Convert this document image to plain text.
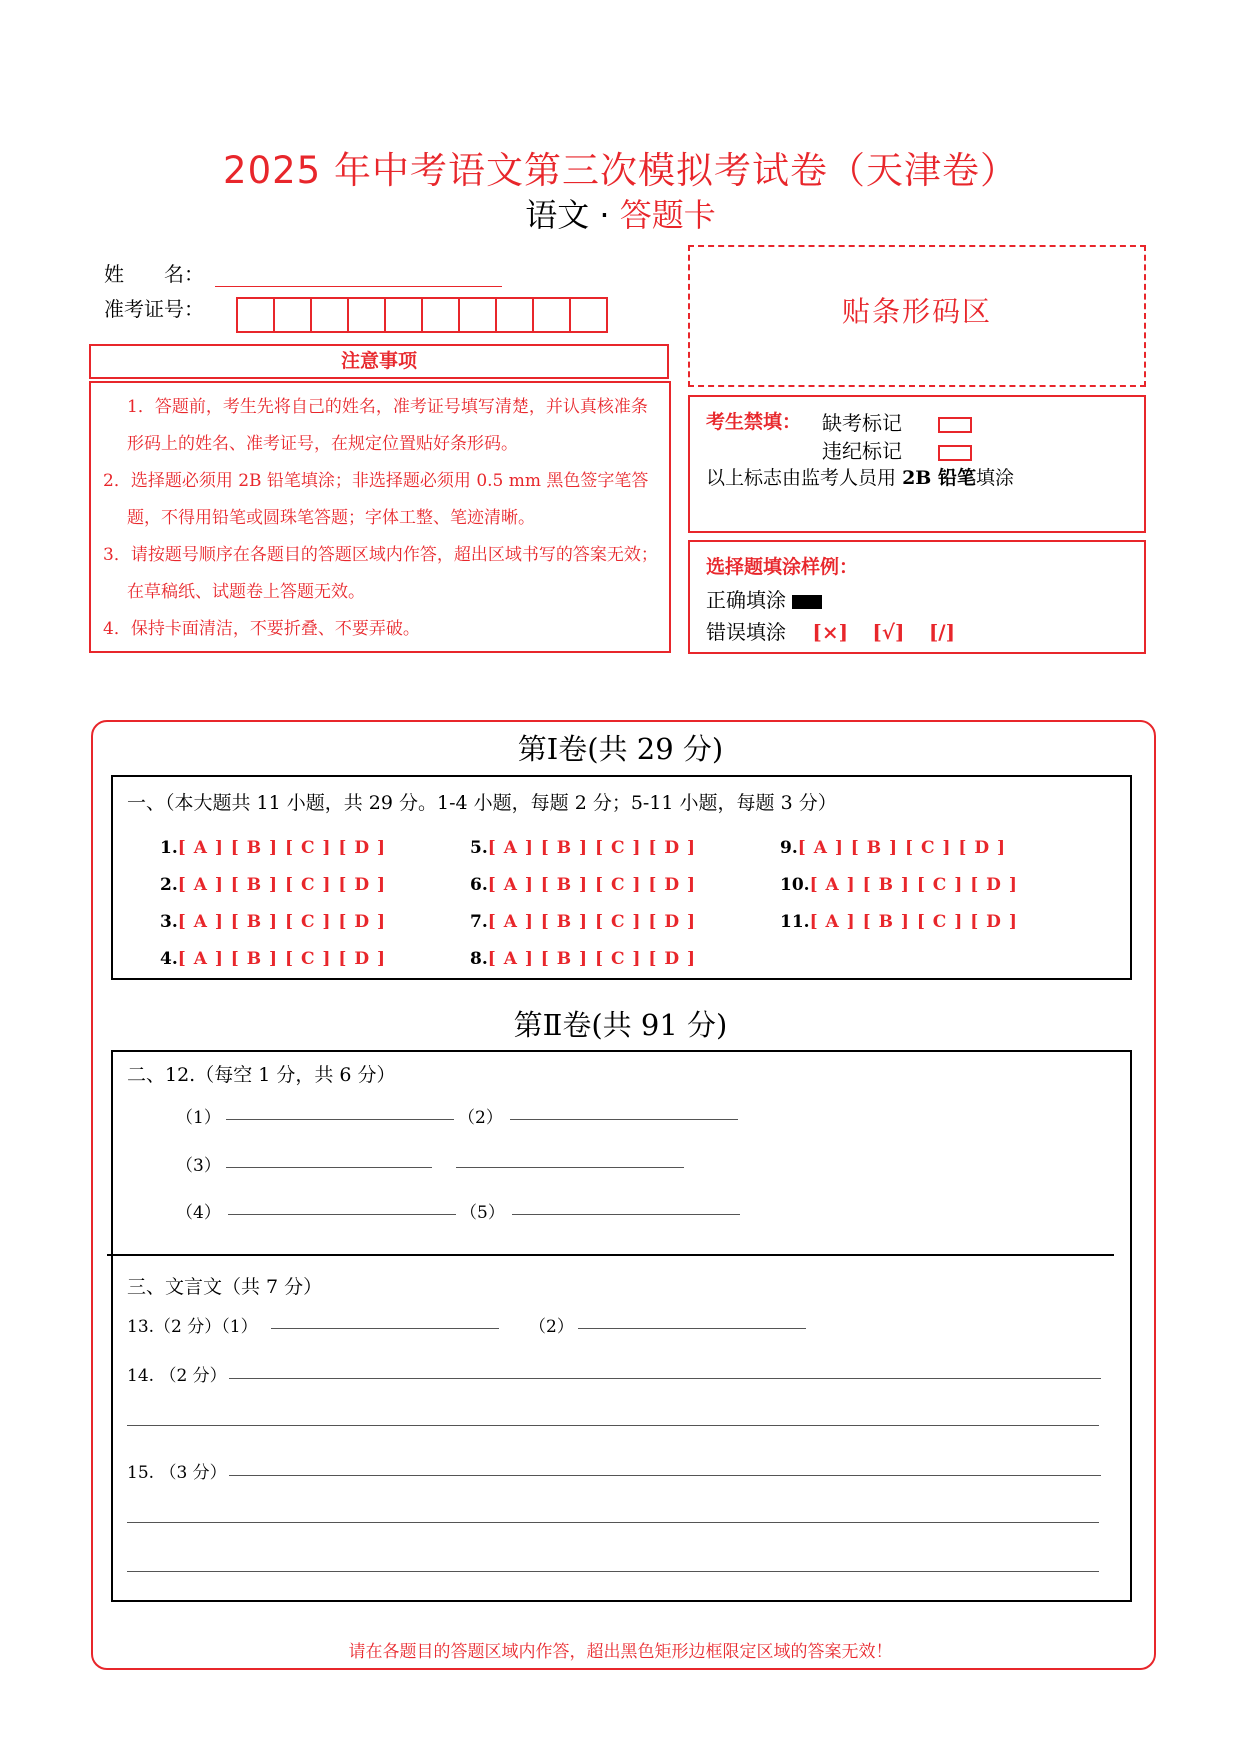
2025 年中考语文第三次模拟考试卷（天津卷）
语文 · 答题卡
姓　　名：
准考证号：
注意事项

1．答题前，考生先将自己的姓名，准考证号填写清楚，并认真核准条形码上的姓名、准考证号，在规定位置贴好条形码。

2．选择题必须用 2B 铅笔填涂；非选择题必须用 0.5 mm 黑色签字笔答题，不得用铅笔或圆珠笔答题；字体工整、笔迹清晰。

3．请按题号顺序在各题目的答题区域内作答，超出区域书写的答案无效；在草稿纸、试题卷上答题无效。

4．保持卡面清洁，不要折叠、不要弄破。

贴条形码区
考生禁填： 缺考标记
违纪标记
以上标志由监考人员用 2B 铅笔填涂
选择题填涂样例：
正确填涂
错误填涂 [×] [√] [/]
第Ⅰ卷(共 29 分)
一、（本大题共 11 小题，共 29 分。1-4 小题，每题 2 分；5-11 小题，每题 3 分）
1.[ A ] [ B ] [ C ] [ D ]
2.[ A ] [ B ] [ C ] [ D ]
3.[ A ] [ B ] [ C ] [ D ]
4.[ A ] [ B ] [ C ] [ D ]
5.[ A ] [ B ] [ C ] [ D ]
6.[ A ] [ B ] [ C ] [ D ]
7.[ A ] [ B ] [ C ] [ D ]
8.[ A ] [ B ] [ C ] [ D ]
9.[ A ] [ B ] [ C ] [ D ]
10.[ A ] [ B ] [ C ] [ D ]
11.[ A ] [ B ] [ C ] [ D ]
第Ⅱ卷(共 91 分)
二、12.（每空 1 分，共 6 分）
（1）	（2）
（3）
（4）	（5）
三、文言文（共 7 分）
13.（2 分）（1）	（2）
14. （2 分）
15. （3 分）
请在各题目的答题区域内作答，超出黑色矩形边框限定区域的答案无效！
